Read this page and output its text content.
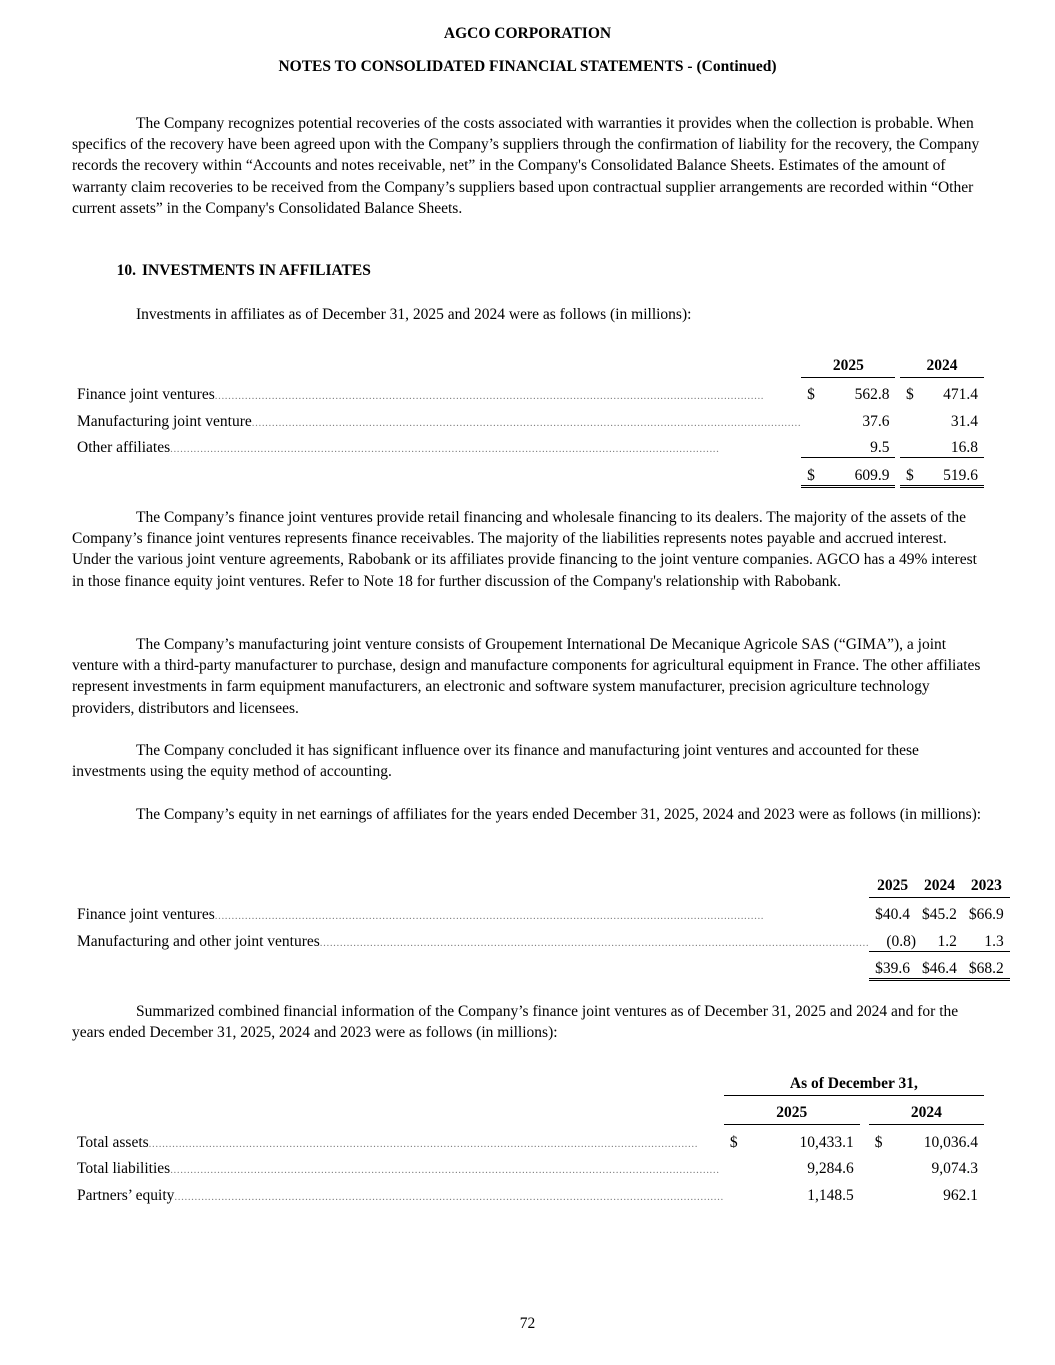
AGCO CORPORATION
NOTES TO CONSOLIDATED FINANCIAL STATEMENTS - (Continued)

The Company recognizes potential recoveries of the costs associated with warranties it provides when the collection is probable. When specifics of the recovery have been agreed upon with the Company’s suppliers through the confirmation of liability for the recovery, the Company records the recovery within “Accounts and notes receivable, net” in the Company's Consolidated Balance Sheets. Estimates of the amount of warranty claim recoveries to be received from the Company’s suppliers based upon contractual supplier arrangements are recorded within “Other current assets” in the Company's Consolidated Balance Sheets.

10. INVESTMENTS IN AFFILIATES

Investments in affiliates as of December 31, 2025 and 2024 were as follows (in millions):

	2025			2024	
Finance joint ventures....................................................................................................................................................................	$	562.8		$	471.4
Manufacturing joint venture....................................................................................................................................................................		37.6			31.4
Other affiliates....................................................................................................................................................................		9.5			16.8
	$	609.9		$	519.6

The Company’s finance joint ventures provide retail financing and wholesale financing to its dealers. The majority of the assets of the Company’s finance joint ventures represents finance receivables. The majority of the liabilities represents notes payable and accrued interest. Under the various joint venture agreements, Rabobank or its affiliates provide financing to the joint venture companies. AGCO has a 49% interest in those finance equity joint ventures. Refer to Note 18 for further discussion of the Company's relationship with Rabobank.

The Company’s manufacturing joint venture consists of Groupement International De Mecanique Agricole SAS (“GIMA”), a joint venture with a third-party manufacturer to purchase, design and manufacture components for agricultural equipment in France. The other affiliates represent investments in farm equipment manufacturers, an electronic and software system manufacturer, precision agriculture technology providers, distributors and licensees.

The Company concluded it has significant influence over its finance and manufacturing joint ventures and accounted for these investments using the equity method of accounting.

The Company’s equity in net earnings of affiliates for the years ended December 31, 2025, 2024 and 2023 were as follows (in millions):

	2025		2024		2023	
Finance joint ventures....................................................................................................................................................................	$	40.4		$	45.2		$	66.9
Manufacturing and other joint ventures....................................................................................................................................................................		(0.8)			1.2			1.3
	$	39.6		$	46.4		$	68.2

Summarized combined financial information of the Company’s finance joint ventures as of December 31, 2025 and 2024 and for the years ended December 31, 2025, 2024 and 2023 were as follows (in millions):

	As of December 31,				
	2025			2024	
Total assets....................................................................................................................................................................	$	10,433.1		$	10,036.4
Total liabilities....................................................................................................................................................................		9,284.6			9,074.3
Partners’ equity....................................................................................................................................................................		1,148.5			962.1
72
